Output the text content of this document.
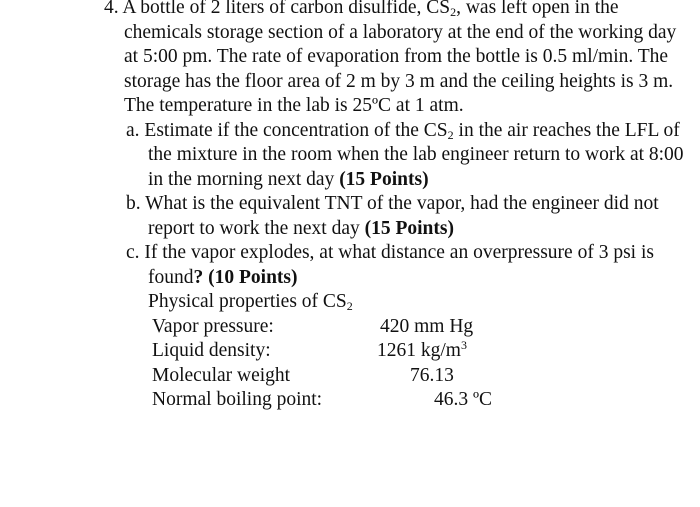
4. A bottle of 2 liters of carbon disulfide, $CS_2$, was left open in the chemicals storage section of a laboratory at the end of the working day at 5:00 pm. The rate of evaporation from the bottle is 0.5 ml/min. The storage has the floor area of 2 m by 3 m and the ceiling heights is 3 m. The temperature in the lab is 25ºC at 1 atm.
a. Estimate if the concentration of the $CS_2$ in the air reaches the LFL of the mixture in the room when the lab engineer return to work at 8:00 in the morning next day (15 Points)
b. What is the equivalent TNT of the vapor, had the engineer did not report to work the next day (15 Points)
c. If the vapor explodes, at what distance an overpressure of 3 psi is found? (10 Points)
Physical properties of $CS_2$
Vapor pressure:	420 mm Hg
Liquid density:	1261 $kg/m^3$
Molecular weight	76.13
Normal boiling point:	46.3 ºC
